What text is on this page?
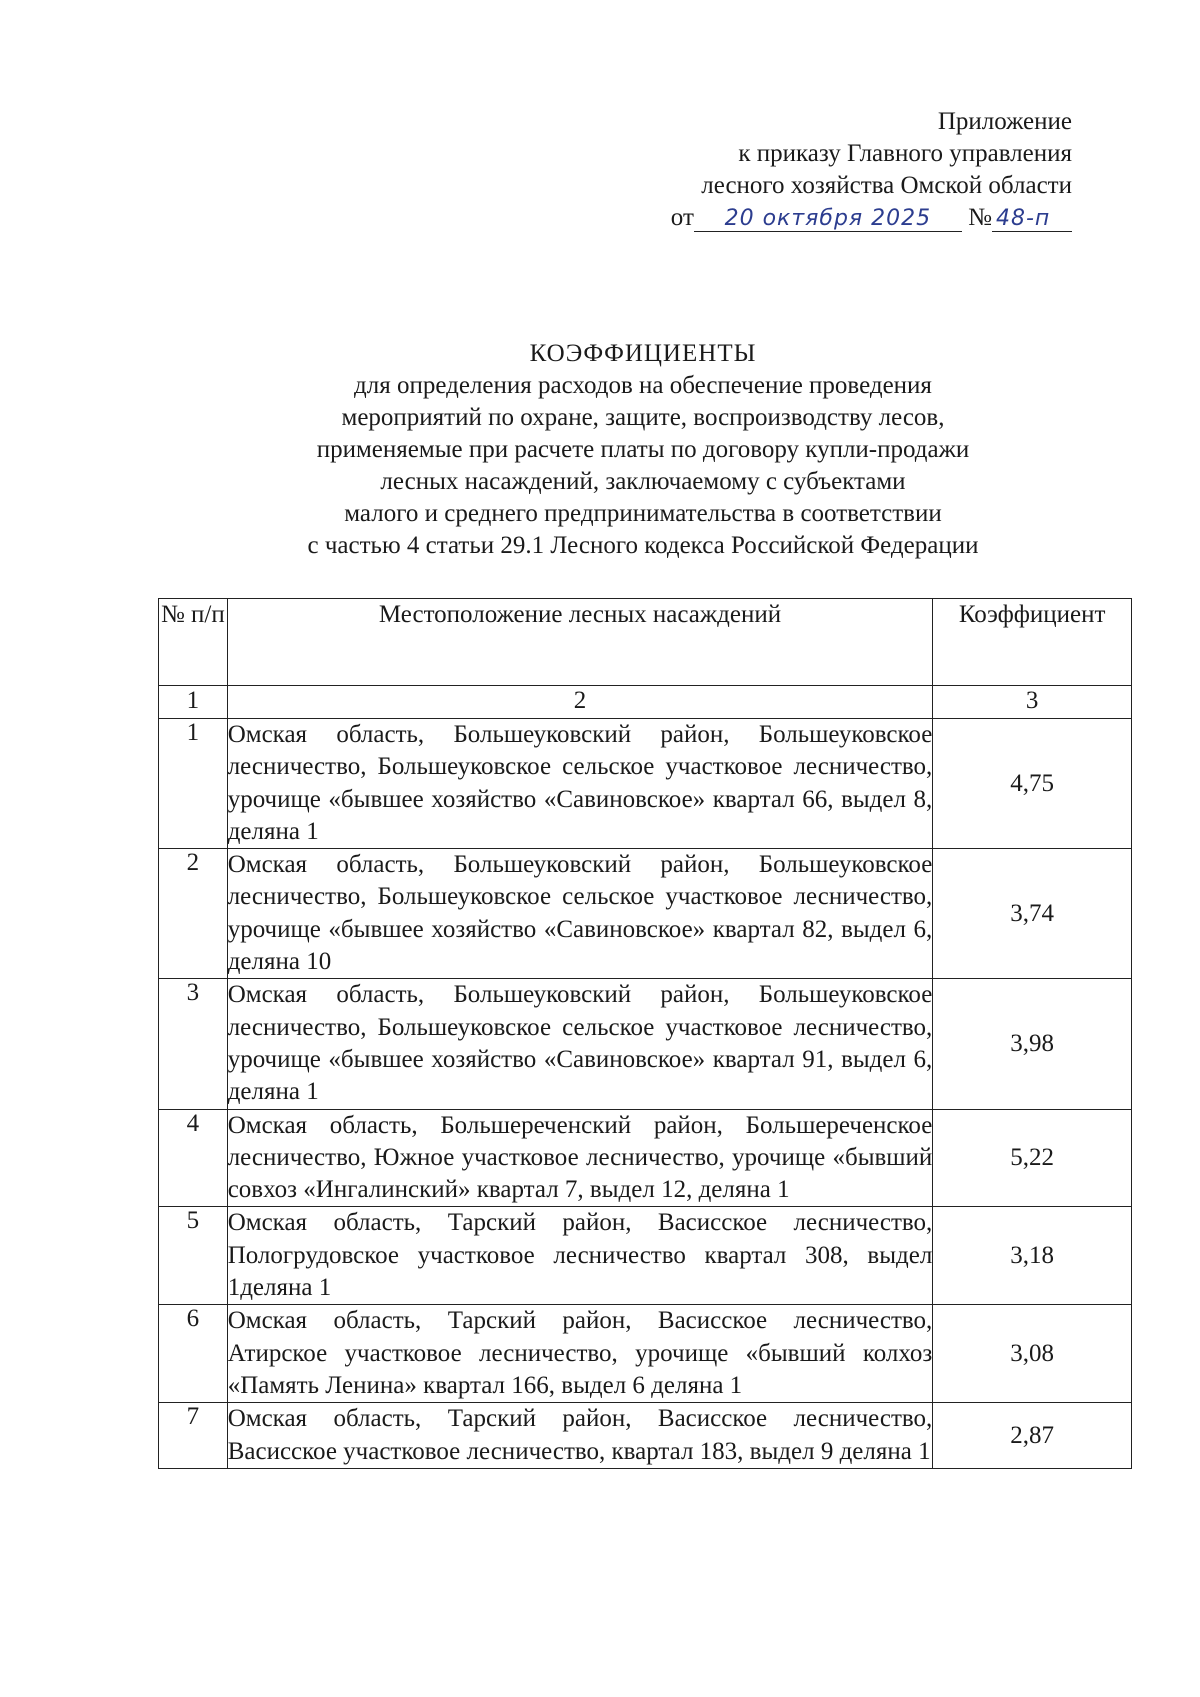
Приложение
к приказу Главного управления
лесного хозяйства Омской области
от 20 октября 2025 № 48-п
КОЭФФИЦИЕНТЫ
для определения расходов на обеспечение проведения
мероприятий по охране, защите, воспроизводству лесов,
применяемые при расчете платы по договору купли-продажи
лесных насаждений, заключаемому с субъектами
малого и среднего предпринимательства в соответствии
с частью 4 статьи 29.1 Лесного кодекса Российской Федерации
№ п/п	Местоположение лесных насаждений	Коэффициент
1	2	3
1	Омская область, Большеуковский район, Большеуковское лесничество, Большеуковское сельское участковое лесничество, урочище «бывшее хозяйство «Савиновское» квартал 66, выдел 8, деляна 1	4,75
2	Омская область, Большеуковский район, Большеуковское лесничество, Большеуковское сельское участковое лесничество, урочище «бывшее хозяйство «Савиновское» квартал 82, выдел 6, деляна 10	3,74
3	Омская область, Большеуковский район, Большеуковское лесничество, Большеуковское сельское участковое лесничество, урочище «бывшее хозяйство «Савиновское» квартал 91, выдел 6, деляна 1	3,98
4	Омская область, Большереченский район, Большереченское лесничество, Южное участковое лесничество, урочище «бывший совхоз «Ингалинский» квартал 7, выдел 12, деляна 1	5,22
5	Омская область, Тарский район, Васисское лесничество, Пологрудовское участковое лесничество квартал 308, выдел 1деляна 1	3,18
6	Омская область, Тарский район, Васисское лесничество, Атирское участковое лесничество, урочище «бывший колхоз «Память Ленина» квартал 166, выдел 6 деляна 1	3,08
7	Омская область, Тарский район, Васисское лесничество, Васисское участковое лесничество, квартал 183, выдел 9 деляна 1	2,87
